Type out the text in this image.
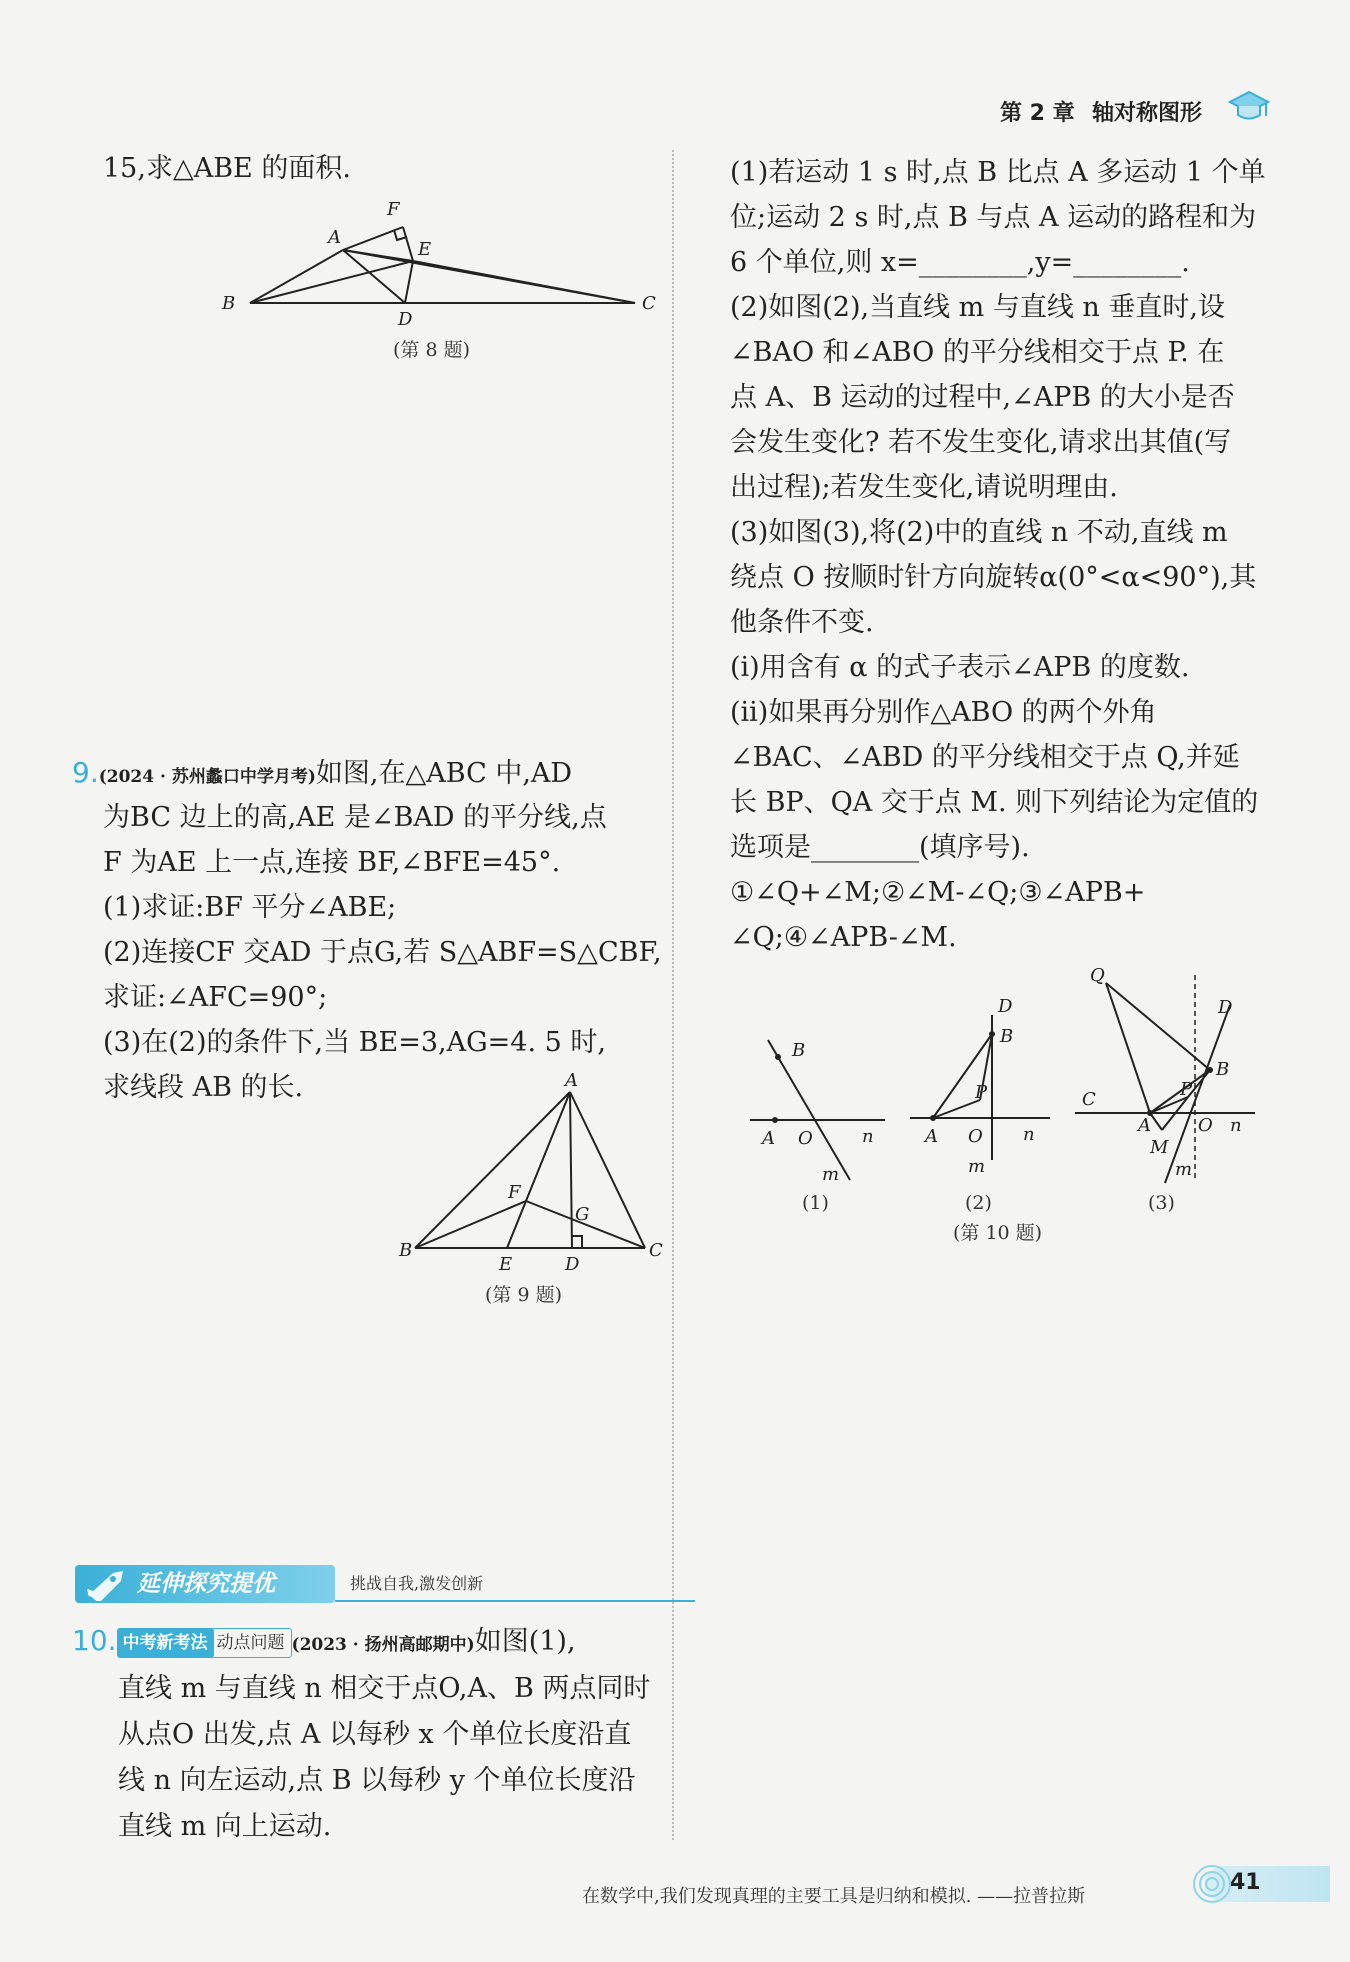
第 2 章 轴对称图形
15,求△ABE 的面积.
F
A
E
B
D
C
(第 8 题)
9.(2024 · 苏州蠡口中学月考)如图,在△ABC 中,AD
为BC 边上的高,AE 是∠BAD 的平分线,点
F 为AE 上一点,连接 BF,∠BFE=45°.
(1)求证:BF 平分∠ABE;
(2)连接CF 交AD 于点G,若 S△ABF=S△CBF,
求证:∠AFC=90°;
(3)在(2)的条件下,当 BE=3,AG=4. 5 时,
求线段 AB 的长.	A
F
G
B
E	D
C
(第 9 题)
延伸探究提优	挑战自我,激发创新
10. 中考新考法 动点问题 (2023 · 扬州高邮期中)如图(1),
直线 m 与直线 n 相交于点O,A、B 两点同时
从点O 出发,点 A 以每秒 x 个单位长度沿直
线 n 向左运动,点 B 以每秒 y 个单位长度沿
直线 m 向上运动.
(1)若运动 1 s 时,点 B 比点 A 多运动 1 个单
位;运动 2 s 时,点 B 与点 A 运动的路程和为
6 个单位,则 x=________,y=________.
(2)如图(2),当直线 m 与直线 n 垂直时,设
∠BAO 和∠ABO 的平分线相交于点 P. 在
点 A、B 运动的过程中,∠APB 的大小是否
会发生变化? 若不发生变化,请求出其值(写
出过程);若发生变化,请说明理由.
(3)如图(3),将(2)中的直线 n 不动,直线 m
绕点 O 按顺时针方向旋转α(0°<α<90°),其
他条件不变.
(ⅰ)用含有 α 的式子表示∠APB 的度数.
(ⅱ)如果再分别作△ABO 的两个外角
∠BAC、∠ABD 的平分线相交于点 Q,并延
长 BP、QA 交于点 M. 则下列结论为定值的
选项是________(填序号).
①∠Q+∠M;②∠M-∠Q;③∠APB+
∠Q;④∠APB-∠M.
B
A O	n
m
(1)
D
B
P
A O n
m
(2)
Q
D
B
P
C
A	O n
M
m
(3)
(第 10 题)
在数学中,我们发现真理的主要工具是归纳和模拟. ——拉普拉斯
41
